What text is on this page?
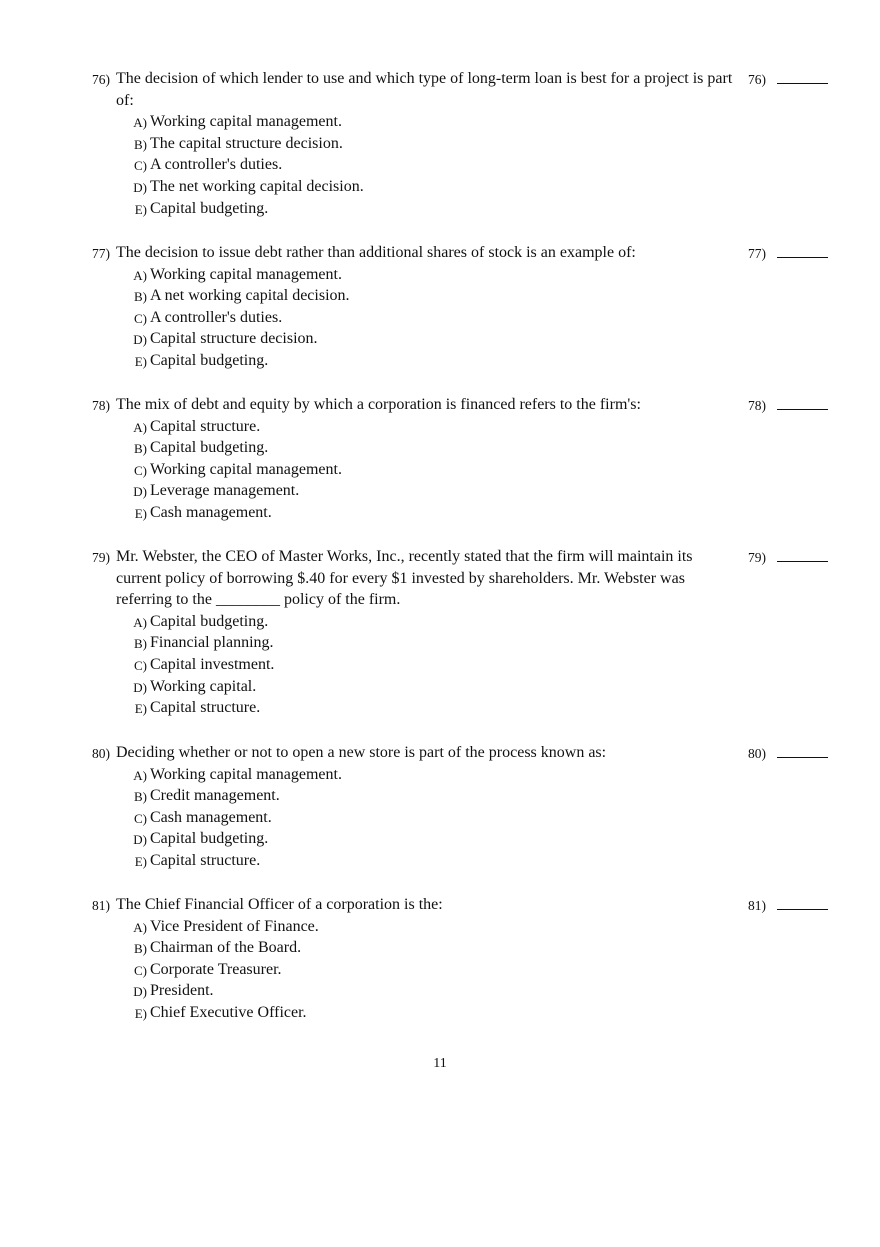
76) The decision of which lender to use and which type of long-term loan is best for a project is part of:
A) Working capital management.
B) The capital structure decision.
C) A controller's duties.
D) The net working capital decision.
E) Capital budgeting.
76)
77) The decision to issue debt rather than additional shares of stock is an example of:
A) Working capital management.
B) A net working capital decision.
C) A controller's duties.
D) Capital structure decision.
E) Capital budgeting.
77)
78) The mix of debt and equity by which a corporation is financed refers to the firm's:
A) Capital structure.
B) Capital budgeting.
C) Working capital management.
D) Leverage management.
E) Cash management.
78)
79) Mr. Webster, the CEO of Master Works, Inc., recently stated that the firm will maintain its current policy of borrowing $.40 for every $1 invested by shareholders. Mr. Webster was referring to the ________ policy of the firm.
A) Capital budgeting.
B) Financial planning.
C) Capital investment.
D) Working capital.
E) Capital structure.
79)
80) Deciding whether or not to open a new store is part of the process known as:
A) Working capital management.
B) Credit management.
C) Cash management.
D) Capital budgeting.
E) Capital structure.
80)
81) The Chief Financial Officer of a corporation is the:
A) Vice President of Finance.
B) Chairman of the Board.
C) Corporate Treasurer.
D) President.
E) Chief Executive Officer.
81)
11
